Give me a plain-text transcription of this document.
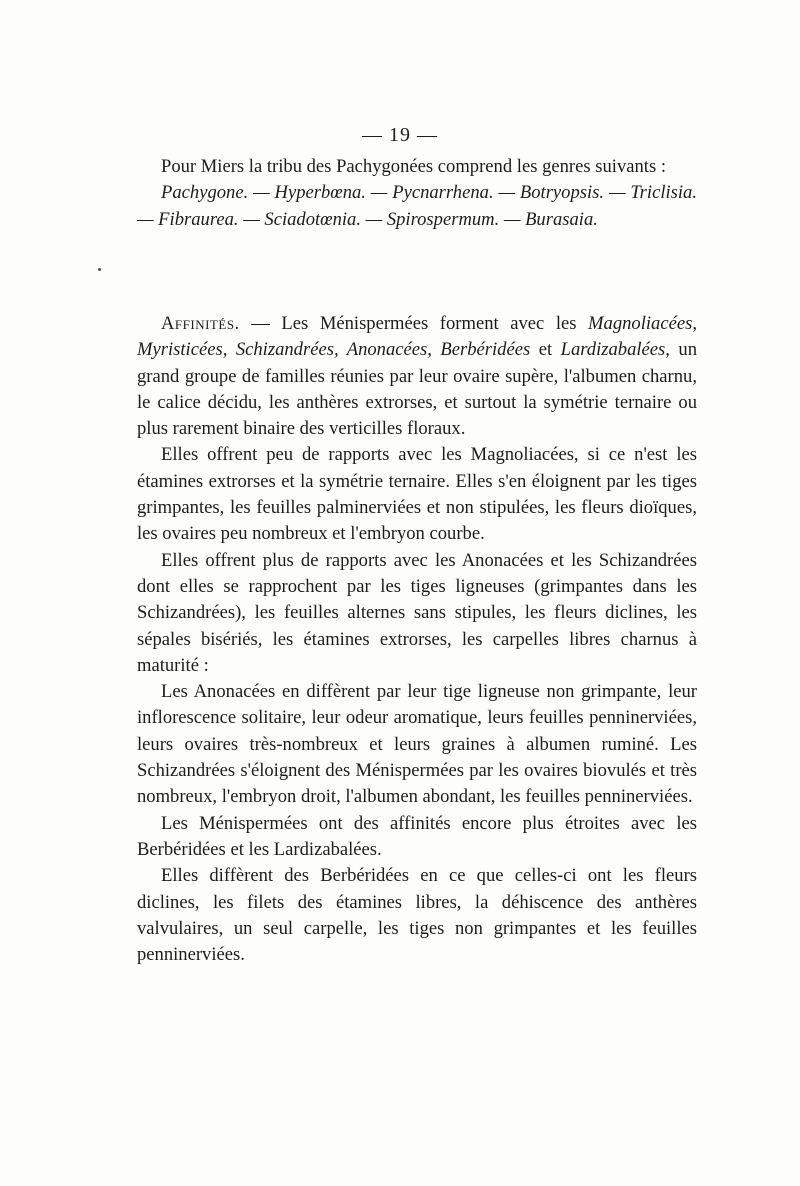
— 19 —

Pour Miers la tribu des Pachygonées comprend les genres suivants :

Pachygone. — Hyperbœna. — Pycnarrhena. — Botryopsis. — Triclisia. — Fibraurea. — Sciadotœnia. — Spirospermum. — Burasaia.

Affinités. — Les Ménispermées forment avec les Magnoliacées, Myristicées, Schizandrées, Anonacées, Berbéridées et Lardizabalées, un grand groupe de familles réunies par leur ovaire supère, l'albumen charnu, le calice décidu, les anthères extrorses, et surtout la symétrie ternaire ou plus rarement binaire des verticilles floraux.

Elles offrent peu de rapports avec les Magnoliacées, si ce n'est les étamines extrorses et la symétrie ternaire. Elles s'en éloignent par les tiges grimpantes, les feuilles palminerviées et non stipulées, les fleurs dioïques, les ovaires peu nombreux et l'embryon courbe.

Elles offrent plus de rapports avec les Anonacées et les Schizandrées dont elles se rapprochent par les tiges ligneuses (grimpantes dans les Schizandrées), les feuilles alternes sans stipules, les fleurs diclines, les sépales bisériés, les étamines extrorses, les carpelles libres charnus à maturité :

Les Anonacées en diffèrent par leur tige ligneuse non grimpante, leur inflorescence solitaire, leur odeur aromatique, leurs feuilles penninerviées, leurs ovaires très-nombreux et leurs graines à albumen ruminé. Les Schizandrées s'éloignent des Ménispermées par les ovaires biovulés et très nombreux, l'embryon droit, l'albumen abondant, les feuilles penninerviées.

Les Ménispermées ont des affinités encore plus étroites avec les Berbéridées et les Lardizabalées.

Elles diffèrent des Berbéridées en ce que celles-ci ont les fleurs diclines, les filets des étamines libres, la déhiscence des anthères valvulaires, un seul carpelle, les tiges non grimpantes et les feuilles penninerviées.
